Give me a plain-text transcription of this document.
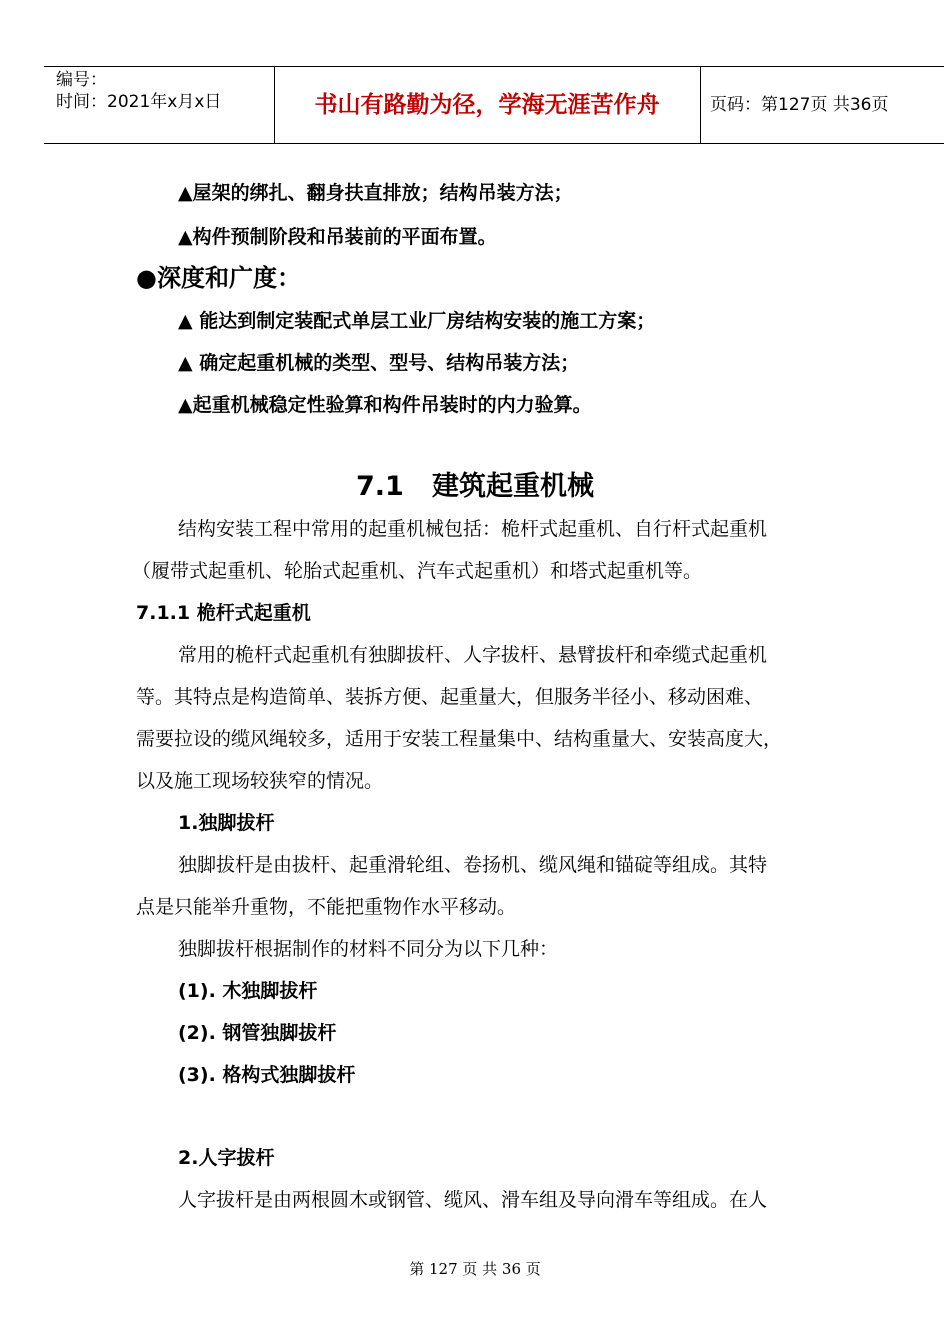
编号：
时间：2021年x月x日	书山有路勤为径，学海无涯苦作舟	页码：第127页 共36页
▲屋架的绑扎、翻身扶直排放；结构吊装方法；
▲构件预制阶段和吊装前的平面布置。
●深度和广度：
▲ 能达到制定装配式单层工业厂房结构安装的施工方案；
▲ 确定起重机械的类型、型号、结构吊装方法；
▲起重机械稳定性验算和构件吊装时的内力验算。
7.1   建筑起重机械
结构安装工程中常用的起重机械包括：桅杆式起重机、自行杆式起重机
（履带式起重机、轮胎式起重机、汽车式起重机）和塔式起重机等。
7.1.1 桅杆式起重机
常用的桅杆式起重机有独脚拔杆、人字拔杆、悬臂拔杆和牵缆式起重机
等。其特点是构造简单、装拆方便、起重量大，但服务半径小、移动困难、
需要拉设的缆风绳较多，适用于安装工程量集中、结构重量大、安装高度大，
以及施工现场较狭窄的情况。
1.独脚拔杆
独脚拔杆是由拔杆、起重滑轮组、卷扬机、缆风绳和锚碇等组成。其特
点是只能举升重物，不能把重物作水平移动。
独脚拔杆根据制作的材料不同分为以下几种：
(1). 木独脚拔杆
(2). 钢管独脚拔杆
(3). 格构式独脚拔杆
2.人字拔杆
人字拔杆是由两根圆木或钢管、缆风、滑车组及导向滑车等组成。在人
第 127 页 共 36 页
